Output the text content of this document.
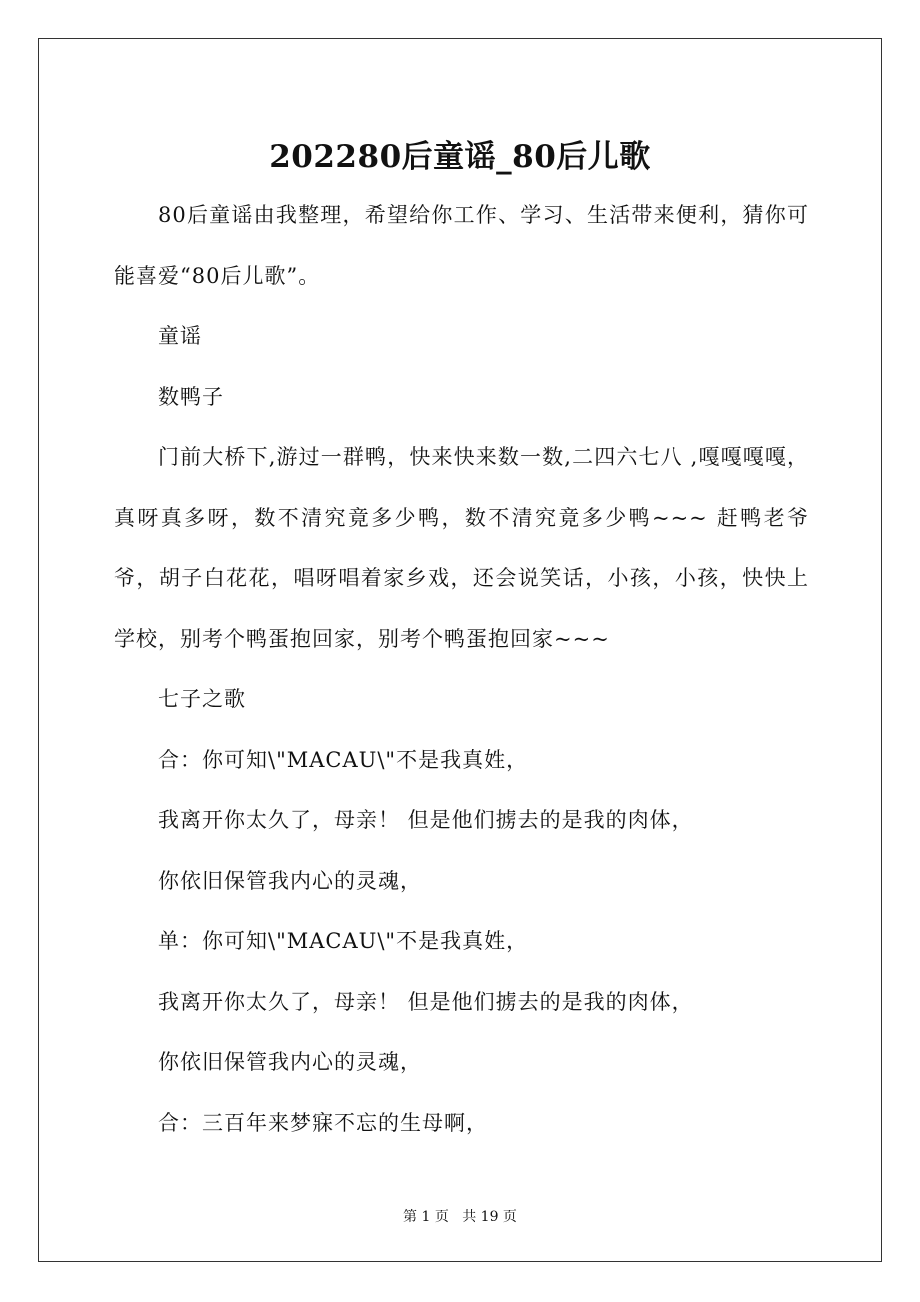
202280后童谣_80后儿歌

80后童谣由我整理，希望给你工作、学习、生活带来便利，猜你可能喜爱“80后儿歌”。

童谣

数鸭子

门前大桥下,游过一群鸭，快来快来数一数,二四六七八 ,嘎嘎嘎嘎，真呀真多呀，数不清究竟多少鸭，数不清究竟多少鸭~~~ 赶鸭老爷爷，胡子白花花，唱呀唱着家乡戏，还会说笑话，小孩，小孩，快快上学校，别考个鸭蛋抱回家，别考个鸭蛋抱回家~~~

七子之歌

合：你可知\"MACAU\"不是我真姓，

我离开你太久了，母亲！ 但是他们掳去的是我的肉体，

你依旧保管我内心的灵魂，

单：你可知\"MACAU\"不是我真姓，

我离开你太久了，母亲！ 但是他们掳去的是我的肉体，

你依旧保管我内心的灵魂，

合：三百年来梦寐不忘的生母啊，

第 1 页 共 19 页
